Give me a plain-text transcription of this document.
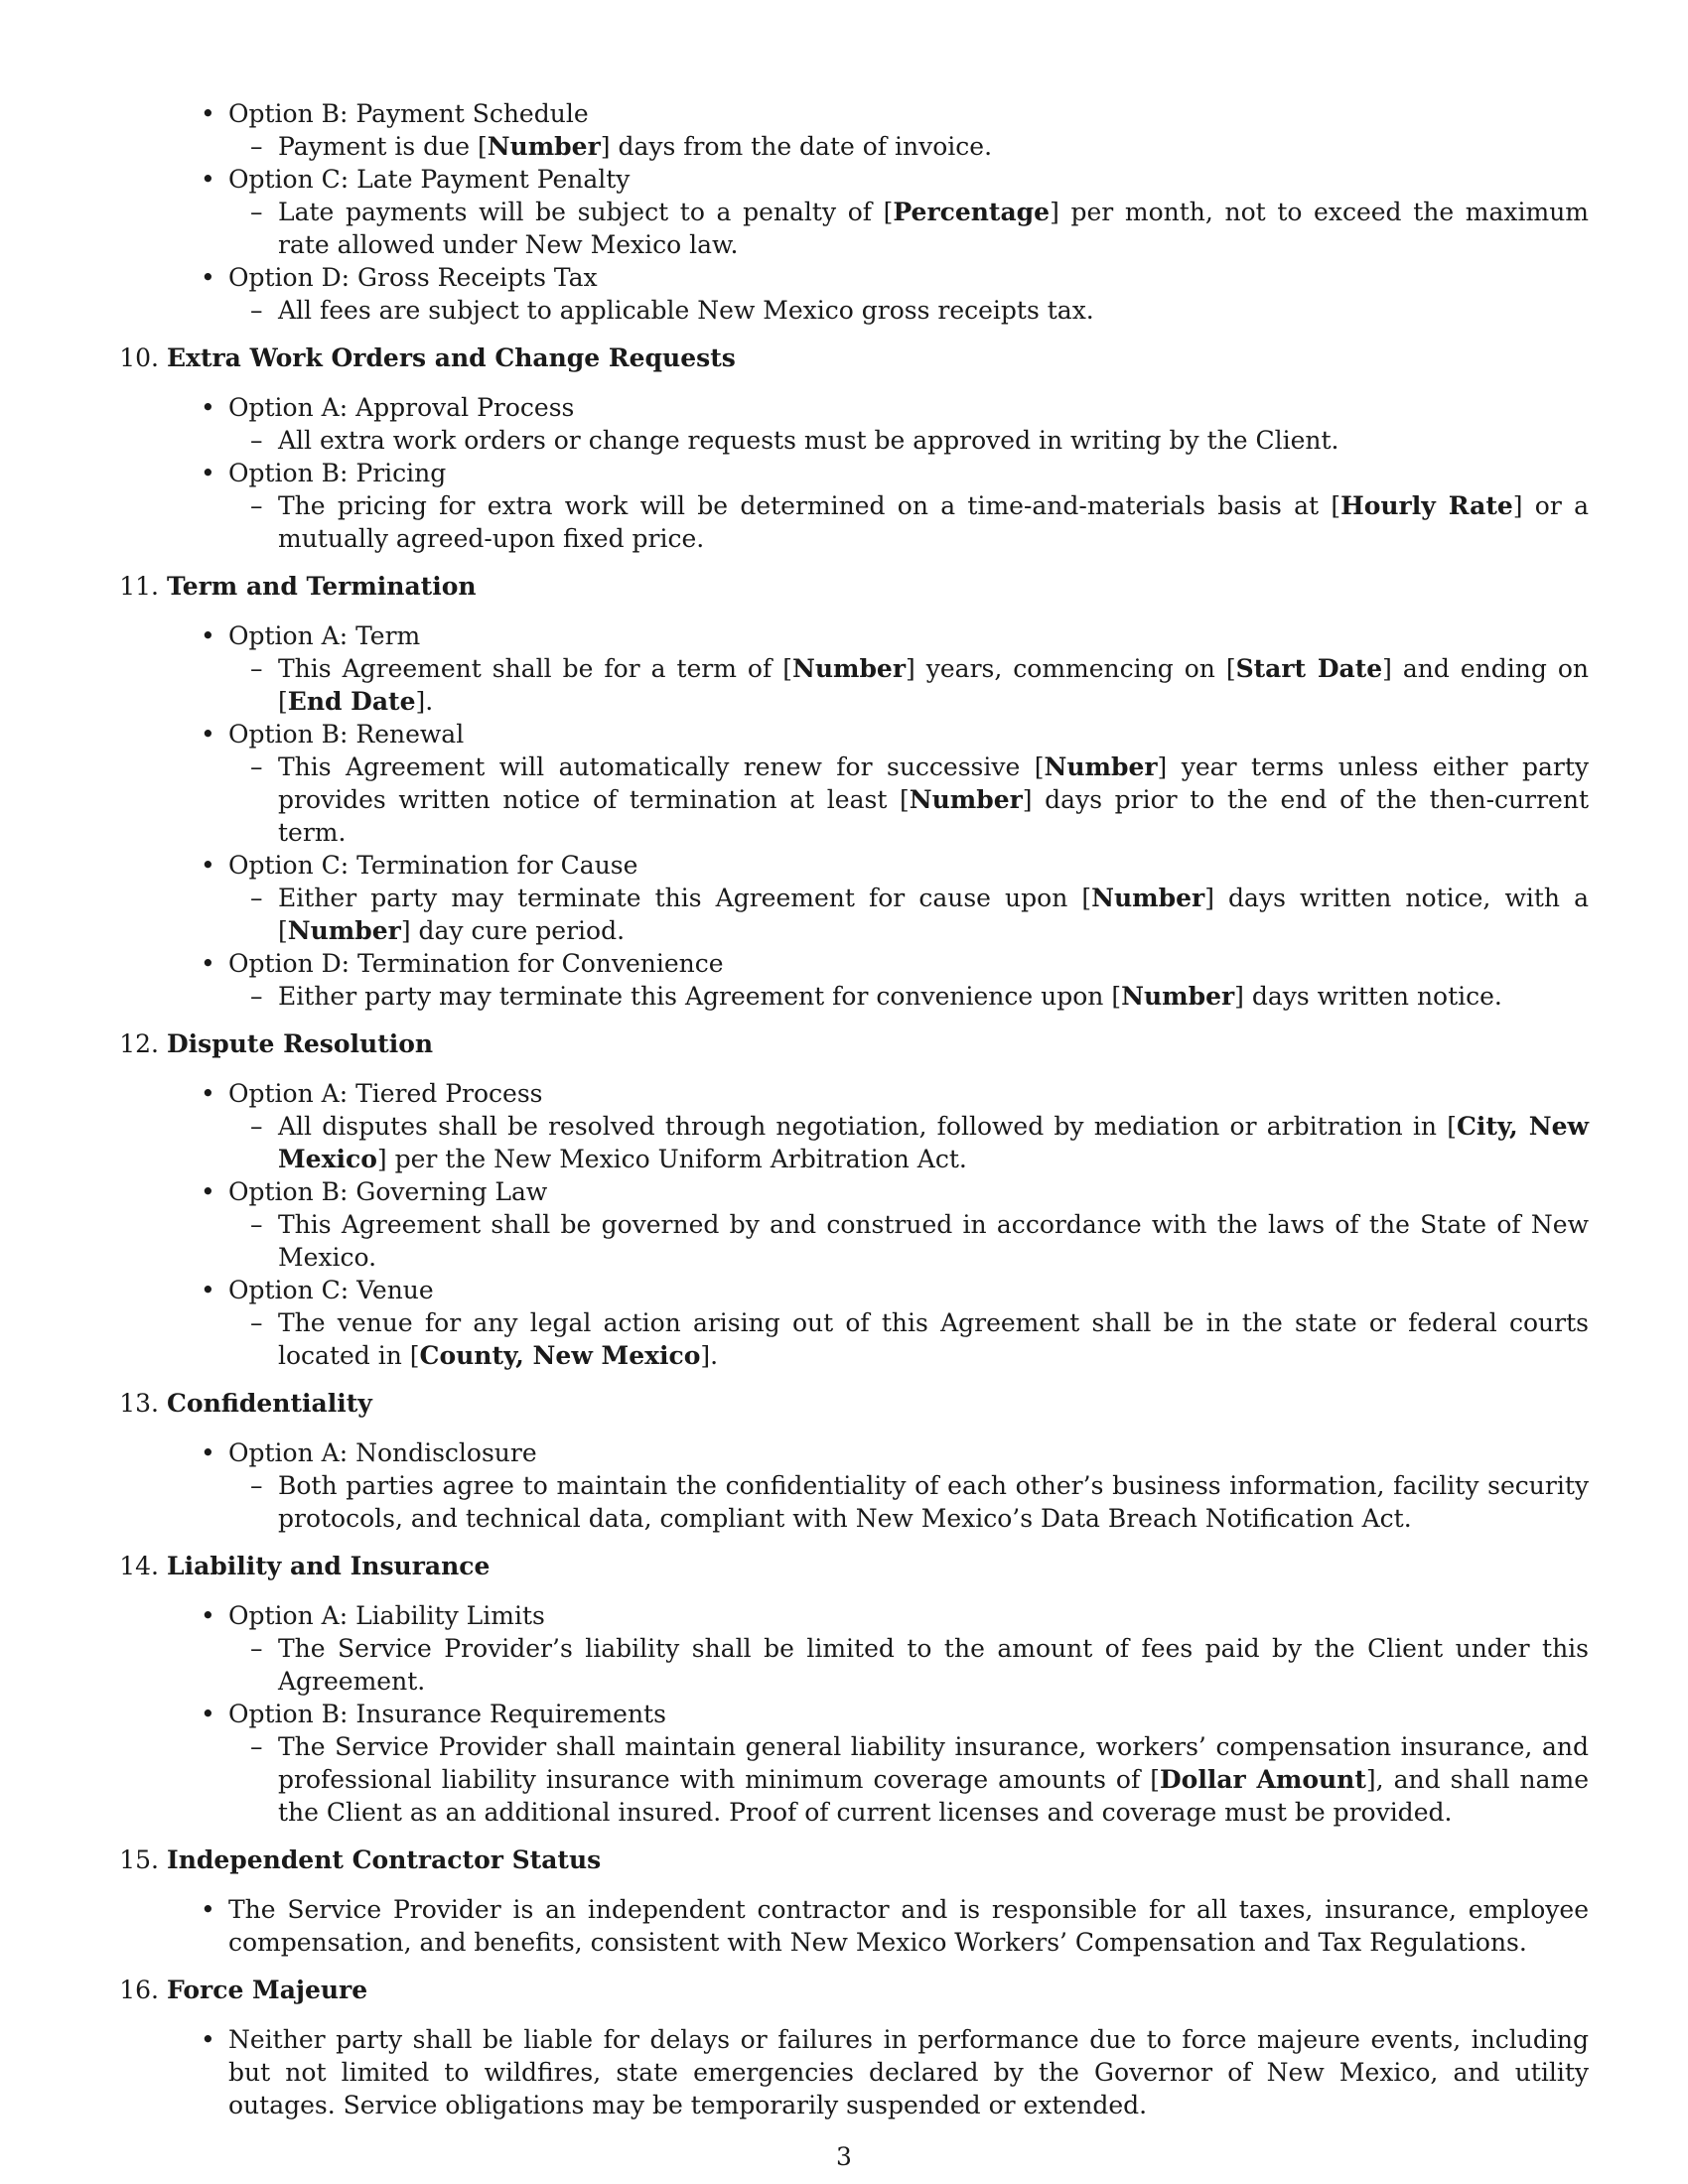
• Option B: Payment Schedule
– Payment is due [Number] days from the date of invoice.
• Option C: Late Payment Penalty
– Late payments will be subject to a penalty of [Percentage] per month, not to exceed the maximum rate allowed under New Mexico law.
• Option D: Gross Receipts Tax
– All fees are subject to applicable New Mexico gross receipts tax.
10. Extra Work Orders and Change Requests
• Option A: Approval Process
– All extra work orders or change requests must be approved in writing by the Client.
• Option B: Pricing
– The pricing for extra work will be determined on a time-and-materials basis at [Hourly Rate] or a mutually agreed-upon fixed price.
11. Term and Termination
• Option A: Term
– This Agreement shall be for a term of [Number] years, commencing on [Start Date] and ending on [End Date].
• Option B: Renewal
– This Agreement will automatically renew for successive [Number] year terms unless either party provides written notice of termination at least [Number] days prior to the end of the then-current term.
• Option C: Termination for Cause
– Either party may terminate this Agreement for cause upon [Number] days written notice, with a [Number] day cure period.
• Option D: Termination for Convenience
– Either party may terminate this Agreement for convenience upon [Number] days written notice.
12. Dispute Resolution
• Option A: Tiered Process
– All disputes shall be resolved through negotiation, followed by mediation or arbitration in [City, New Mexico] per the New Mexico Uniform Arbitration Act.
• Option B: Governing Law
– This Agreement shall be governed by and construed in accordance with the laws of the State of New Mexico.
• Option C: Venue
– The venue for any legal action arising out of this Agreement shall be in the state or federal courts located in [County, New Mexico].
13. Confidentiality
• Option A: Nondisclosure
– Both parties agree to maintain the confidentiality of each other’s business information, facility security protocols, and technical data, compliant with New Mexico’s Data Breach Notification Act.
14. Liability and Insurance
• Option A: Liability Limits
– The Service Provider’s liability shall be limited to the amount of fees paid by the Client under this Agreement.
• Option B: Insurance Requirements
– The Service Provider shall maintain general liability insurance, workers’ compensation insurance, and professional liability insurance with minimum coverage amounts of [Dollar Amount], and shall name the Client as an additional insured. Proof of current licenses and coverage must be provided.
15. Independent Contractor Status
• The Service Provider is an independent contractor and is responsible for all taxes, insurance, employee compensation, and benefits, consistent with New Mexico Workers’ Compensation and Tax Regulations.
16. Force Majeure
• Neither party shall be liable for delays or failures in performance due to force majeure events, including but not limited to wildfires, state emergencies declared by the Governor of New Mexico, and utility outages. Service obligations may be temporarily suspended or extended.
3
